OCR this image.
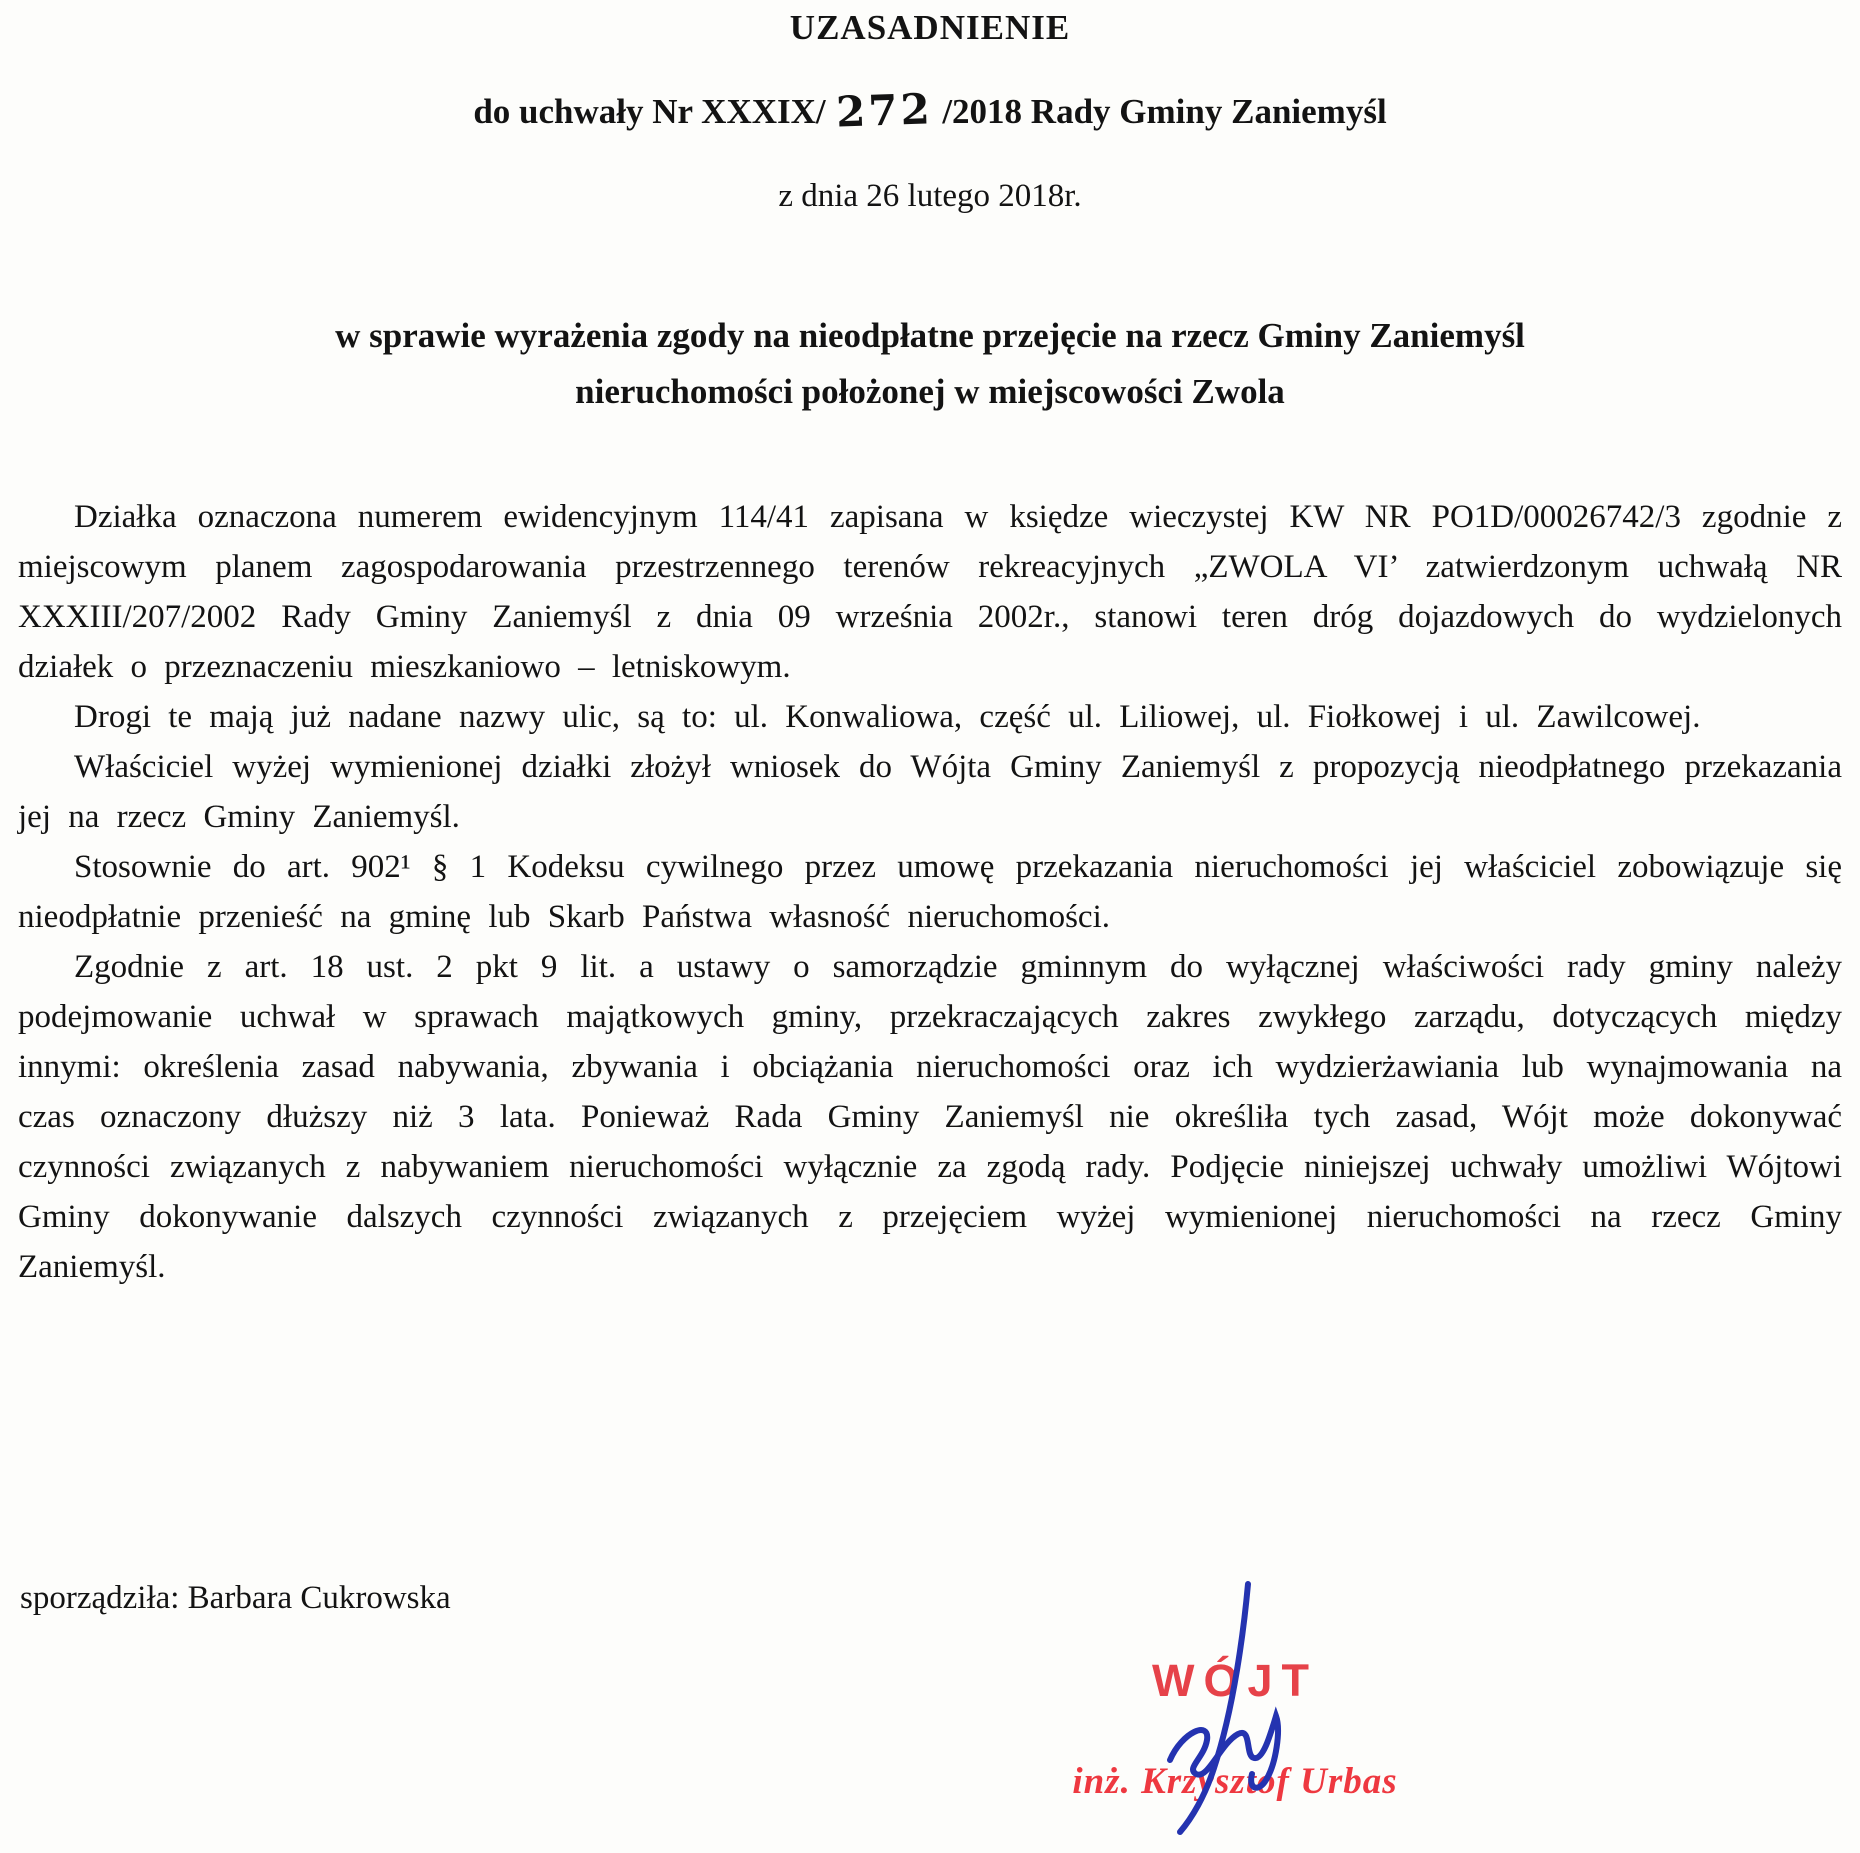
UZASADNIENIE
do uchwały Nr XXXIX/ 272 /2018 Rady Gminy Zaniemyśl
z dnia 26 lutego 2018r.
w sprawie wyrażenia zgody na nieodpłatne przejęcie na rzecz Gminy Zaniemyśl
nieruchomości położonej w miejscowości Zwola

Działka oznaczona numerem ewidencyjnym 114/41 zapisana w księdze wieczystej KW NR PO1D/00026742/3 zgodnie z miejscowym planem zagospodarowania przestrzennego terenów rekreacyjnych „ZWOLA VI’ zatwierdzonym uchwałą NR XXXIII/207/2002 Rady Gminy Zaniemyśl z dnia 09 września 2002r., stanowi teren dróg dojazdowych do wydzielonych działek o przeznaczeniu mieszkaniowo – letniskowym.

Drogi te mają już nadane nazwy ulic, są to: ul. Konwaliowa, część ul. Liliowej, ul. Fiołkowej i ul. Zawilcowej.

Właściciel wyżej wymienionej działki złożył wniosek do Wójta Gminy Zaniemyśl z propozycją nieodpłatnego przekazania jej na rzecz Gminy Zaniemyśl.

Stosownie do art. 902¹ § 1 Kodeksu cywilnego przez umowę przekazania nieruchomości jej właściciel zobowiązuje się nieodpłatnie przenieść na gminę lub Skarb Państwa własność nieruchomości.

Zgodnie z art. 18 ust. 2 pkt 9 lit. a ustawy o samorządzie gminnym do wyłącznej właściwości rady gminy należy podejmowanie uchwał w sprawach majątkowych gminy, przekraczających zakres zwykłego zarządu, dotyczących między innymi: określenia zasad nabywania, zbywania i obciążania nieruchomości oraz ich wydzierżawiania lub wynajmowania na czas oznaczony dłuższy niż 3 lata. Ponieważ Rada Gminy Zaniemyśl nie określiła tych zasad, Wójt może dokonywać czynności związanych z nabywaniem nieruchomości wyłącznie za zgodą rady. Podjęcie niniejszej uchwały umożliwi Wójtowi Gminy dokonywanie dalszych czynności związanych z przejęciem wyżej wymienionej nieruchomości na rzecz Gminy Zaniemyśl.

sporządziła: Barbara Cukrowska
WÓJT
inż. Krzysztof Urbas
